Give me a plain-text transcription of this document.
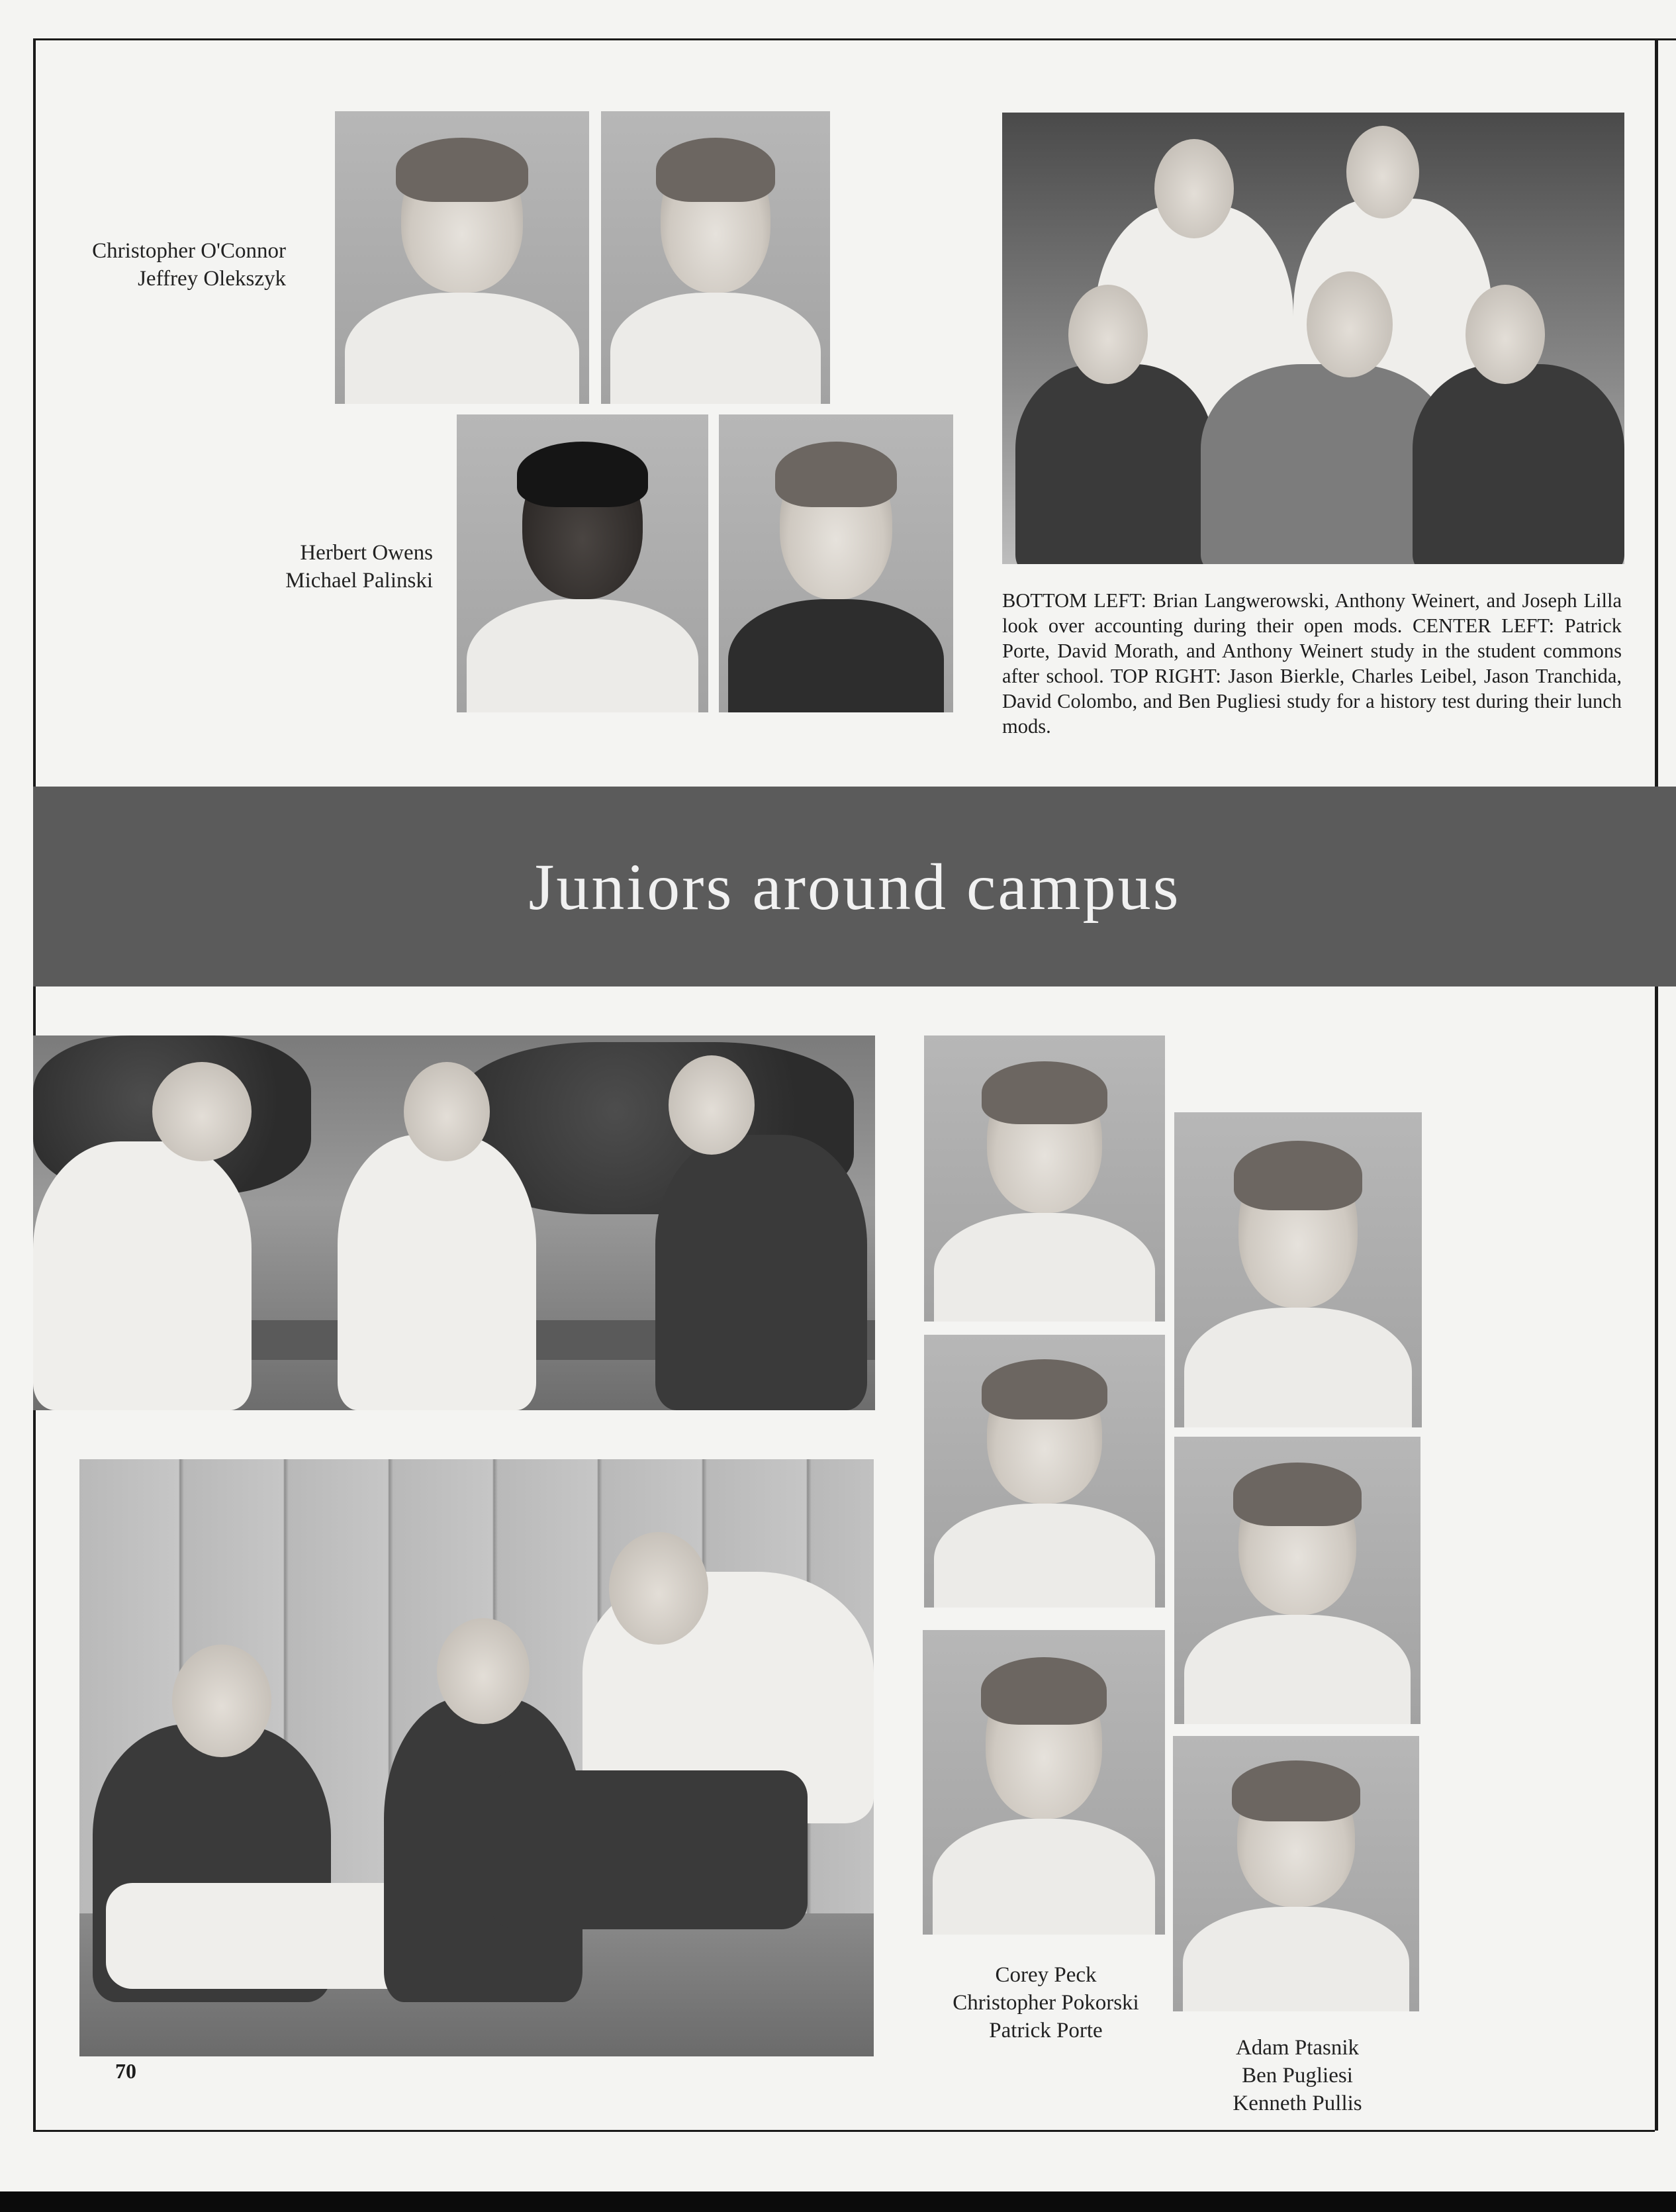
Christopher O'Connor
Jeffrey Olekszyk
Herbert Owens
Michael Palinski
BOTTOM LEFT: Brian Langwerowski, Anthony Weinert, and Joseph Lilla look over accounting during their open mods. CENTER LEFT: Patrick Porte, David Morath, and Anthony Weinert study in the student commons after school. TOP RIGHT: Jason Bierkle, Charles Leibel, Jason Tranchida, David Colombo, and Ben Pugliesi study for a history test during their lunch mods.
Juniors around campus
70
Corey Peck
Christopher Pokorski
Patrick Porte
Adam Ptasnik
Ben Pugliesi
Kenneth Pullis
